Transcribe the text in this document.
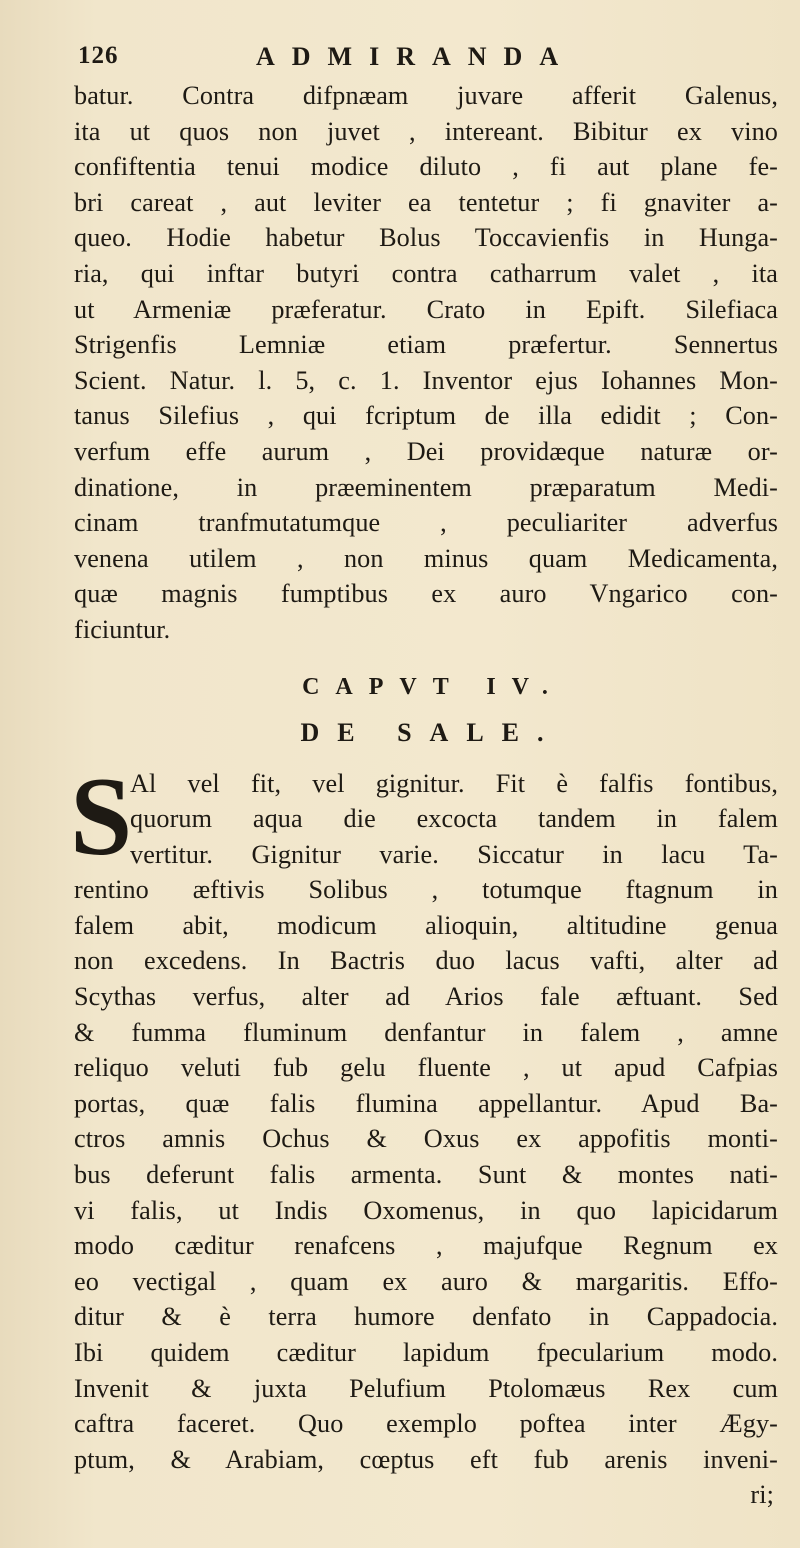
126	ADMIRANDA
batur. Contra difpnæam juvare afferit Galenus,
ita ut quos non juvet , intereant. Bibitur ex vino
confiftentia tenui modice diluto , fi aut plane fe-
bri careat , aut leviter ea tentetur ; fi gnaviter a-
queo. Hodie habetur Bolus Toccavienfis in Hunga-
ria, qui inftar butyri contra catharrum valet , ita
ut Armeniæ præferatur. Crato in Epift. Silefiaca
Strigenfis Lemniæ etiam præfertur. Sennertus
Scient. Natur. l. 5, c. 1. Inventor ejus Iohannes Mon-
tanus Silefius , qui fcriptum de illa edidit ; Con-
verfum effe aurum , Dei providæque naturæ or-
dinatione, in præeminentem præparatum Medi-
cinam tranfmutatumque , peculiariter adverfus
venena utilem , non minus quam Medicamenta,
quæ magnis fumptibus ex auro Vngarico con-
ficiuntur.
CAPVT IV.
DE SALE.
S
Al vel fit, vel gignitur. Fit è falfis fontibus,
quorum aqua die excocta tandem in falem
vertitur. Gignitur varie. Siccatur in lacu Ta-
rentino æftivis Solibus , totumque ftagnum in
falem abit, modicum alioquin, altitudine genua
non excedens. In Bactris duo lacus vafti, alter ad
Scythas verfus, alter ad Arios fale æftuant. Sed
& fumma fluminum denfantur in falem , amne
reliquo veluti fub gelu fluente , ut apud Cafpias
portas, quæ falis flumina appellantur. Apud Ba-
ctros amnis Ochus & Oxus ex appofitis monti-
bus deferunt falis armenta. Sunt & montes nati-
vi falis, ut Indis Oxomenus, in quo lapicidarum
modo cæditur renafcens , majufque Regnum ex
eo vectigal , quam ex auro & margaritis. Effo-
ditur & è terra humore denfato in Cappadocia.
Ibi quidem cæditur lapidum fpecularium modo.
Invenit & juxta Pelufium Ptolomæus Rex cum
caftra faceret. Quo exemplo poftea inter Ægy-
ptum, & Arabiam, cœptus eft fub arenis inveni-
ri;
